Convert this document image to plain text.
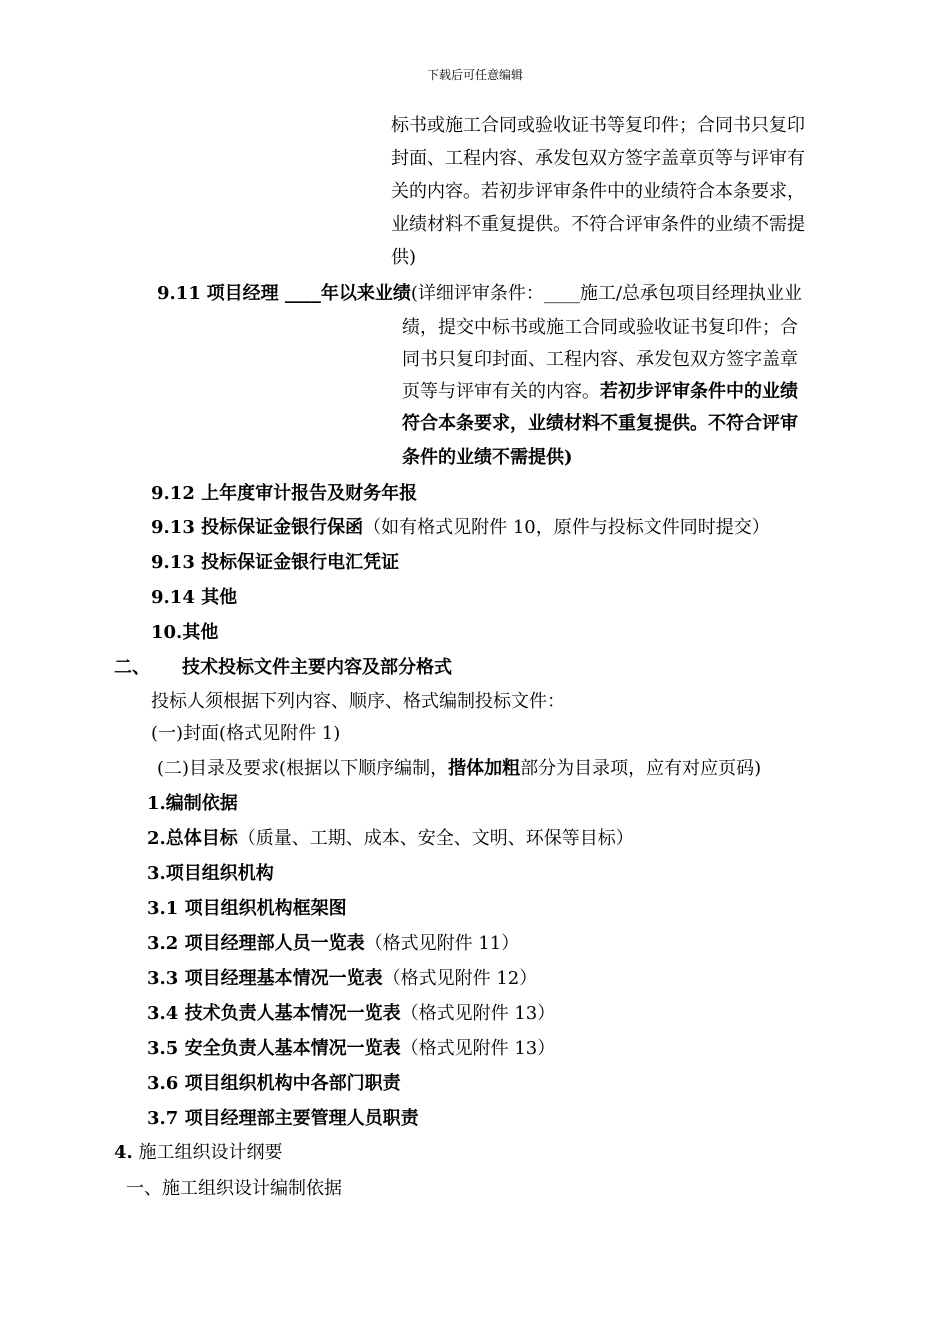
下载后可任意编辑
标书或施工合同或验收证书等复印件；合同书只复印
封面、工程内容、承发包双方签字盖章页等与评审有
关的内容。若初步评审条件中的业绩符合本条要求，
业绩材料不重复提供。不符合评审条件的业绩不需提
供)
9.11 项目经理 ____年以来业绩(详细评审条件：____施工/总承包项目经理执业业
绩，提交中标书或施工合同或验收证书复印件；合
同书只复印封面、工程内容、承发包双方签字盖章
页等与评审有关的内容。若初步评审条件中的业绩
符合本条要求，业绩材料不重复提供。不符合评审
条件的业绩不需提供)
9.12 上年度审计报告及财务年报
9.13 投标保证金银行保函（如有格式见附件 10，原件与投标文件同时提交）
9.13 投标保证金银行电汇凭证
9.14 其他
10.其他
二、 技术投标文件主要内容及部分格式
投标人须根据下列内容、顺序、格式编制投标文件：
(一)封面(格式见附件 1)
(二)目录及要求(根据以下顺序编制，揩体加粗部分为目录项，应有对应页码)
1.编制依据
2.总体目标（质量、工期、成本、安全、文明、环保等目标）
3.项目组织机构
3.1 项目组织机构框架图
3.2 项目经理部人员一览表（格式见附件 11）
3.3 项目经理基本情况一览表（格式见附件 12）
3.4 技术负责人基本情况一览表（格式见附件 13）
3.5 安全负责人基本情况一览表（格式见附件 13）
3.6 项目组织机构中各部门职责
3.7 项目经理部主要管理人员职责
4. 施工组织设计纲要
一、施工组织设计编制依据
